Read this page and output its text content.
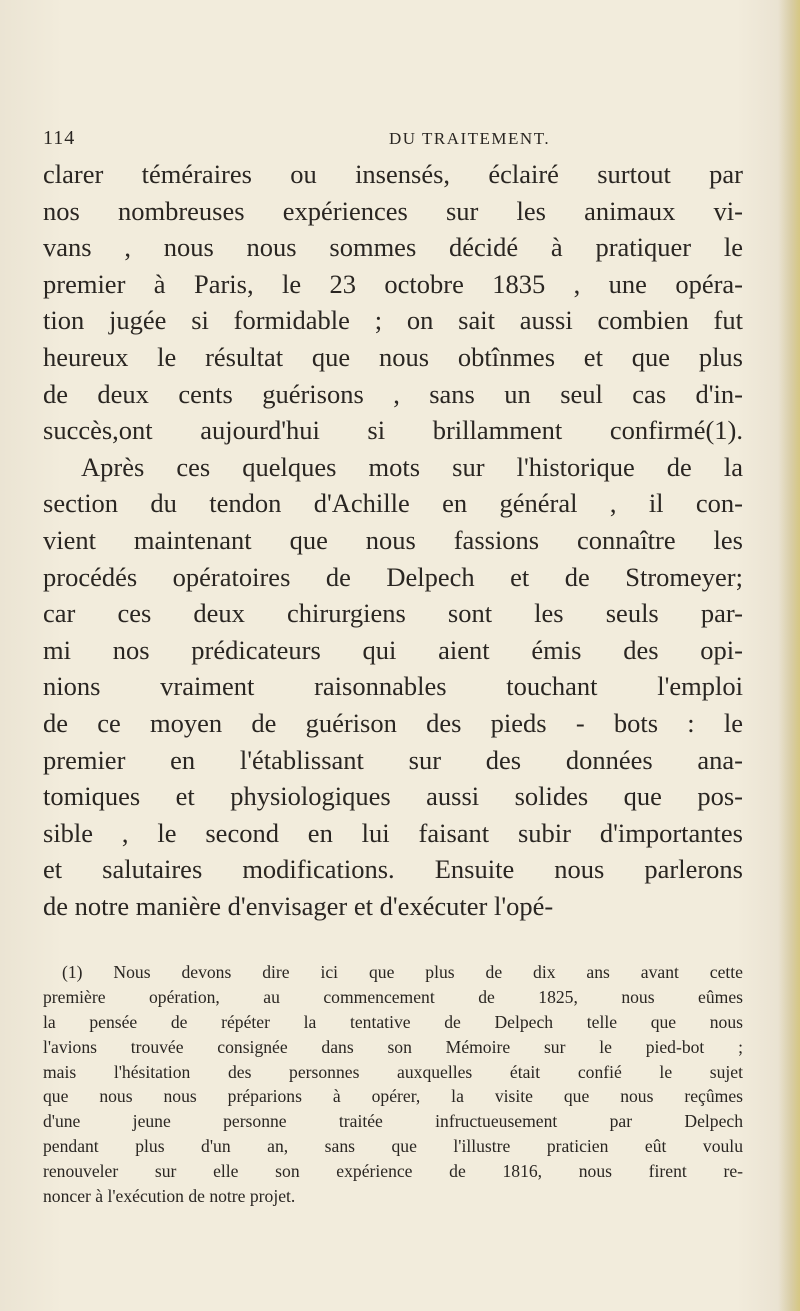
114	DU TRAITEMENT.
clarer téméraires ou insensés, éclairé surtout par
nos nombreuses expériences sur les animaux vi-
vans , nous nous sommes décidé à pratiquer le
premier à Paris, le 23 octobre 1835 , une opéra-
tion jugée si formidable ; on sait aussi combien fut
heureux le résultat que nous obtînmes et que plus
de deux cents guérisons , sans un seul cas d'in-
succès,ont aujourd'hui si brillamment confirmé(1).
Après ces quelques mots sur l'historique de la
section du tendon d'Achille en général , il con-
vient maintenant que nous fassions connaître les
procédés opératoires de Delpech et de Stromeyer;
car ces deux chirurgiens sont les seuls par-
mi nos prédicateurs qui aient émis des opi-
nions vraiment raisonnables touchant l'emploi
de ce moyen de guérison des pieds - bots : le
premier en l'établissant sur des données ana-
tomiques et physiologiques aussi solides que pos-
sible , le second en lui faisant subir d'importantes
et salutaires modifications. Ensuite nous parlerons
de notre manière d'envisager et d'exécuter l'opé-
(1) Nous devons dire ici que plus de dix ans avant cette
première opération, au commencement de 1825, nous eûmes
la pensée de répéter la tentative de Delpech telle que nous
l'avions trouvée consignée dans son Mémoire sur le pied-bot ;
mais l'hésitation des personnes auxquelles était confié le sujet
que nous nous préparions à opérer, la visite que nous reçûmes
d'une jeune personne traitée infructueusement par Delpech
pendant plus d'un an, sans que l'illustre praticien eût voulu
renouveler sur elle son expérience de 1816, nous firent re-
noncer à l'exécution de notre projet.
